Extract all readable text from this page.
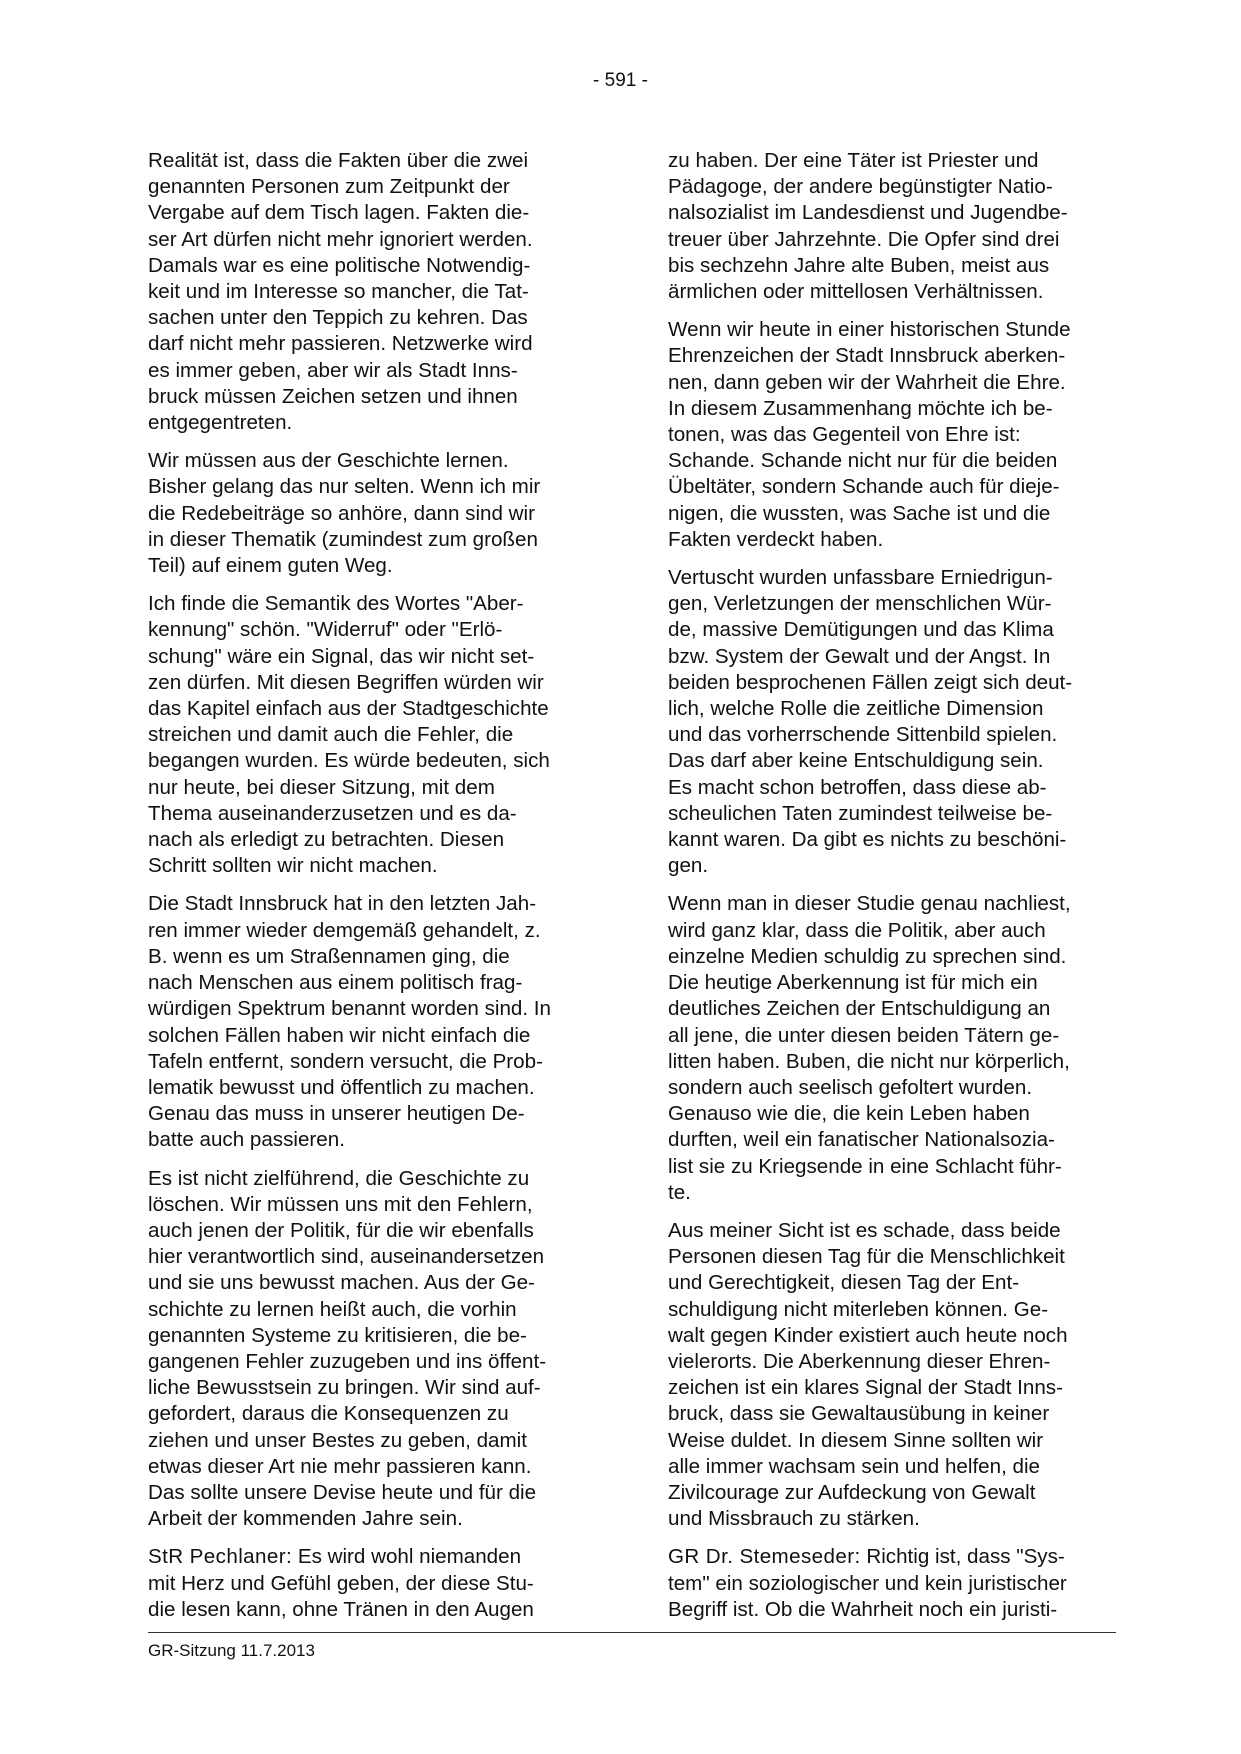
- 591 -

Realität ist, dass die Fakten über die zwei
genannten Personen zum Zeitpunkt der
Vergabe auf dem Tisch lagen. Fakten die-
ser Art dürfen nicht mehr ignoriert werden.
Damals war es eine politische Notwendig-
keit und im Interesse so mancher, die Tat-
sachen unter den Teppich zu kehren. Das
darf nicht mehr passieren. Netzwerke wird
es immer geben, aber wir als Stadt Inns-
bruck müssen Zeichen setzen und ihnen
entgegentreten.

Wir müssen aus der Geschichte lernen.
Bisher gelang das nur selten. Wenn ich mir
die Redebeiträge so anhöre, dann sind wir
in dieser Thematik (zumindest zum großen
Teil) auf einem guten Weg.

Ich finde die Semantik des Wortes "Aber-
kennung" schön. "Widerruf" oder "Erlö-
schung" wäre ein Signal, das wir nicht set-
zen dürfen. Mit diesen Begriffen würden wir
das Kapitel einfach aus der Stadtgeschichte
streichen und damit auch die Fehler, die
begangen wurden. Es würde bedeuten, sich
nur heute, bei dieser Sitzung, mit dem
Thema auseinanderzusetzen und es da-
nach als erledigt zu betrachten. Diesen
Schritt sollten wir nicht machen.

Die Stadt Innsbruck hat in den letzten Jah-
ren immer wieder demgemäß gehandelt, z.
B. wenn es um Straßennamen ging, die
nach Menschen aus einem politisch frag-
würdigen Spektrum benannt worden sind. In
solchen Fällen haben wir nicht einfach die
Tafeln entfernt, sondern versucht, die Prob-
lematik bewusst und öffentlich zu machen.
Genau das muss in unserer heutigen De-
batte auch passieren.

Es ist nicht zielführend, die Geschichte zu
löschen. Wir müssen uns mit den Fehlern,
auch jenen der Politik, für die wir ebenfalls
hier verantwortlich sind, auseinandersetzen
und sie uns bewusst machen. Aus der Ge-
schichte zu lernen heißt auch, die vorhin
genannten Systeme zu kritisieren, die be-
gangenen Fehler zuzugeben und ins öffent-
liche Bewusstsein zu bringen. Wir sind auf-
gefordert, daraus die Konsequenzen zu
ziehen und unser Bestes zu geben, damit
etwas dieser Art nie mehr passieren kann.
Das sollte unsere Devise heute und für die
Arbeit der kommenden Jahre sein.

StR Pechlaner: Es wird wohl niemanden
mit Herz und Gefühl geben, der diese Stu-
die lesen kann, ohne Tränen in den Augen

zu haben. Der eine Täter ist Priester und
Pädagoge, der andere begünstigter Natio-
nalsozialist im Landesdienst und Jugendbe-
treuer über Jahrzehnte. Die Opfer sind drei
bis sechzehn Jahre alte Buben, meist aus
ärmlichen oder mittellosen Verhältnissen.

Wenn wir heute in einer historischen Stunde
Ehrenzeichen der Stadt Innsbruck aberken-
nen, dann geben wir der Wahrheit die Ehre.
In diesem Zusammenhang möchte ich be-
tonen, was das Gegenteil von Ehre ist:
Schande. Schande nicht nur für die beiden
Übeltäter, sondern Schande auch für dieje-
nigen, die wussten, was Sache ist und die
Fakten verdeckt haben.

Vertuscht wurden unfassbare Erniedrigun-
gen, Verletzungen der menschlichen Wür-
de, massive Demütigungen und das Klima
bzw. System der Gewalt und der Angst. In
beiden besprochenen Fällen zeigt sich deut-
lich, welche Rolle die zeitliche Dimension
und das vorherrschende Sittenbild spielen.
Das darf aber keine Entschuldigung sein.
Es macht schon betroffen, dass diese ab-
scheulichen Taten zumindest teilweise be-
kannt waren. Da gibt es nichts zu beschöni-
gen.

Wenn man in dieser Studie genau nachliest,
wird ganz klar, dass die Politik, aber auch
einzelne Medien schuldig zu sprechen sind.
Die heutige Aberkennung ist für mich ein
deutliches Zeichen der Entschuldigung an
all jene, die unter diesen beiden Tätern ge-
litten haben. Buben, die nicht nur körperlich,
sondern auch seelisch gefoltert wurden.
Genauso wie die, die kein Leben haben
durften, weil ein fanatischer Nationalsozia-
list sie zu Kriegsende in eine Schlacht führ-
te.

Aus meiner Sicht ist es schade, dass beide
Personen diesen Tag für die Menschlichkeit
und Gerechtigkeit, diesen Tag der Ent-
schuldigung nicht miterleben können. Ge-
walt gegen Kinder existiert auch heute noch
vielerorts. Die Aberkennung dieser Ehren-
zeichen ist ein klares Signal der Stadt Inns-
bruck, dass sie Gewaltausübung in keiner
Weise duldet. In diesem Sinne sollten wir
alle immer wachsam sein und helfen, die
Zivilcourage zur Aufdeckung von Gewalt
und Missbrauch zu stärken.

GR Dr. Stemeseder: Richtig ist, dass "Sys-
tem" ein soziologischer und kein juristischer
Begriff ist. Ob die Wahrheit noch ein juristi-

GR-Sitzung 11.7.2013
